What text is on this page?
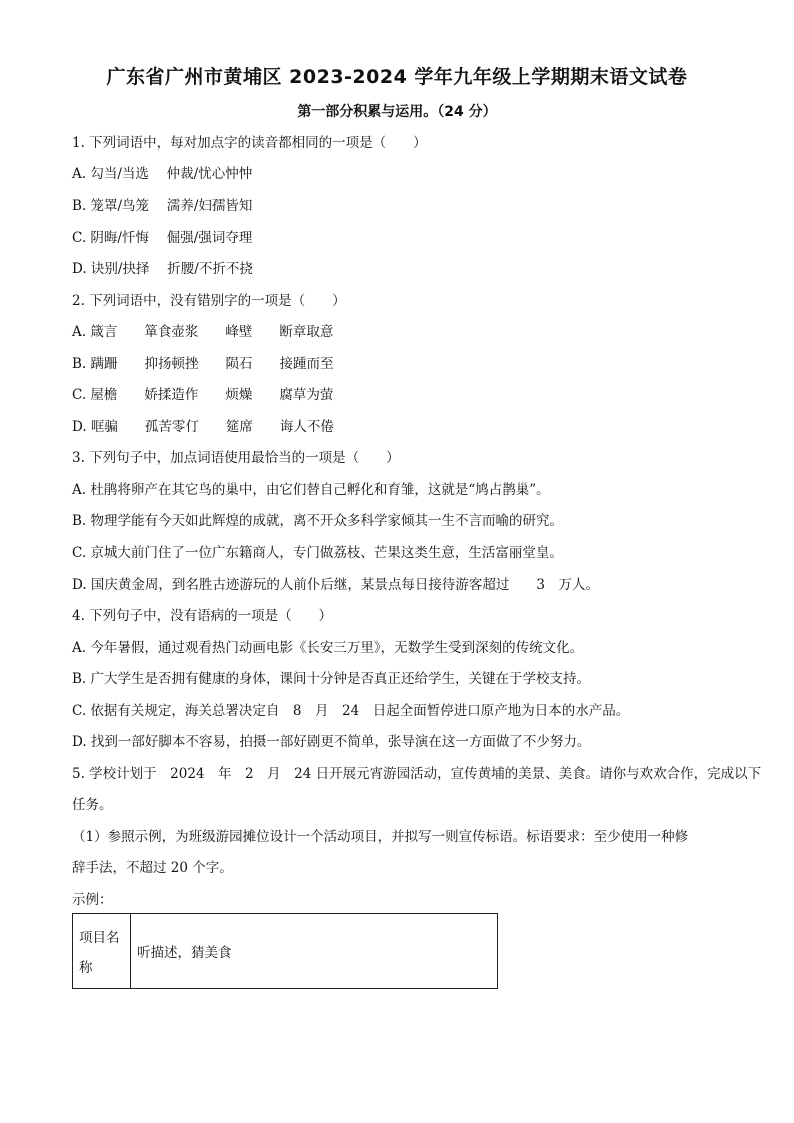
广东省广州市黄埔区 2023-2024 学年九年级上学期期末语文试卷
第一部分积累与运用。（24 分）
1. 下列词语中，每对加点字的读音都相同的一项是（　　）
A. 勾当/当选　 仲裁/忧心忡忡
B. 笼罩/鸟笼　 濡养/妇孺皆知
C. 阴晦/忏悔　 倔强/强词夺理
D. 诀别/抉择　 折腰/不折不挠
2. 下列词语中，没有错别字的一项是（　　）
A. 箴言　　箪食壶浆　　峰壁　　断章取意
B. 蹒跚　　抑扬顿挫　　陨石　　接踵而至
C. 屋檐　　娇揉造作　　烦燥　　腐草为萤
D. 哐骗　　孤苦零仃　　筵席　　诲人不倦
3. 下列句子中，加点词语使用最恰当的一项是（　　）
A. 杜鹃将卵产在其它鸟的巢中，由它们替自己孵化和育雏，这就是“鸠占鹊巢”。
B. 物理学能有今天如此辉煌的成就，离不开众多科学家倾其一生不言而喻的研究。
C. 京城大前门住了一位广东籍商人，专门做荔枝、芒果这类生意，生活富丽堂皇。
D. 国庆黄金周，到名胜古迹游玩的人前仆后继，某景点每日接待游客超过　　3　万人。
4. 下列句子中，没有语病的一项是（　　）
A. 今年暑假，通过观看热门动画电影《长安三万里》，无数学生受到深刻的传统文化。
B. 广大学生是否拥有健康的身体，课间十分钟是否真正还给学生，关键在于学校支持。
C. 依据有关规定，海关总署决定自　8　月　24　日起全面暂停进口原产地为日本的水产品。
D. 找到一部好脚本不容易，拍摄一部好剧更不简单，张导演在这一方面做了不少努力。
5. 学校计划于　2024　年　2　月　24 日开展元宵游园活动，宣传黄埔的美景、美食。请你与欢欢合作，完成以下
任务。
（1）参照示例，为班级游园摊位设计一个活动项目，并拟写一则宣传标语。标语要求：至少使用一种修
辞手法，不超过 20 个字。
示例：
项目名称
听描述，猜美食
